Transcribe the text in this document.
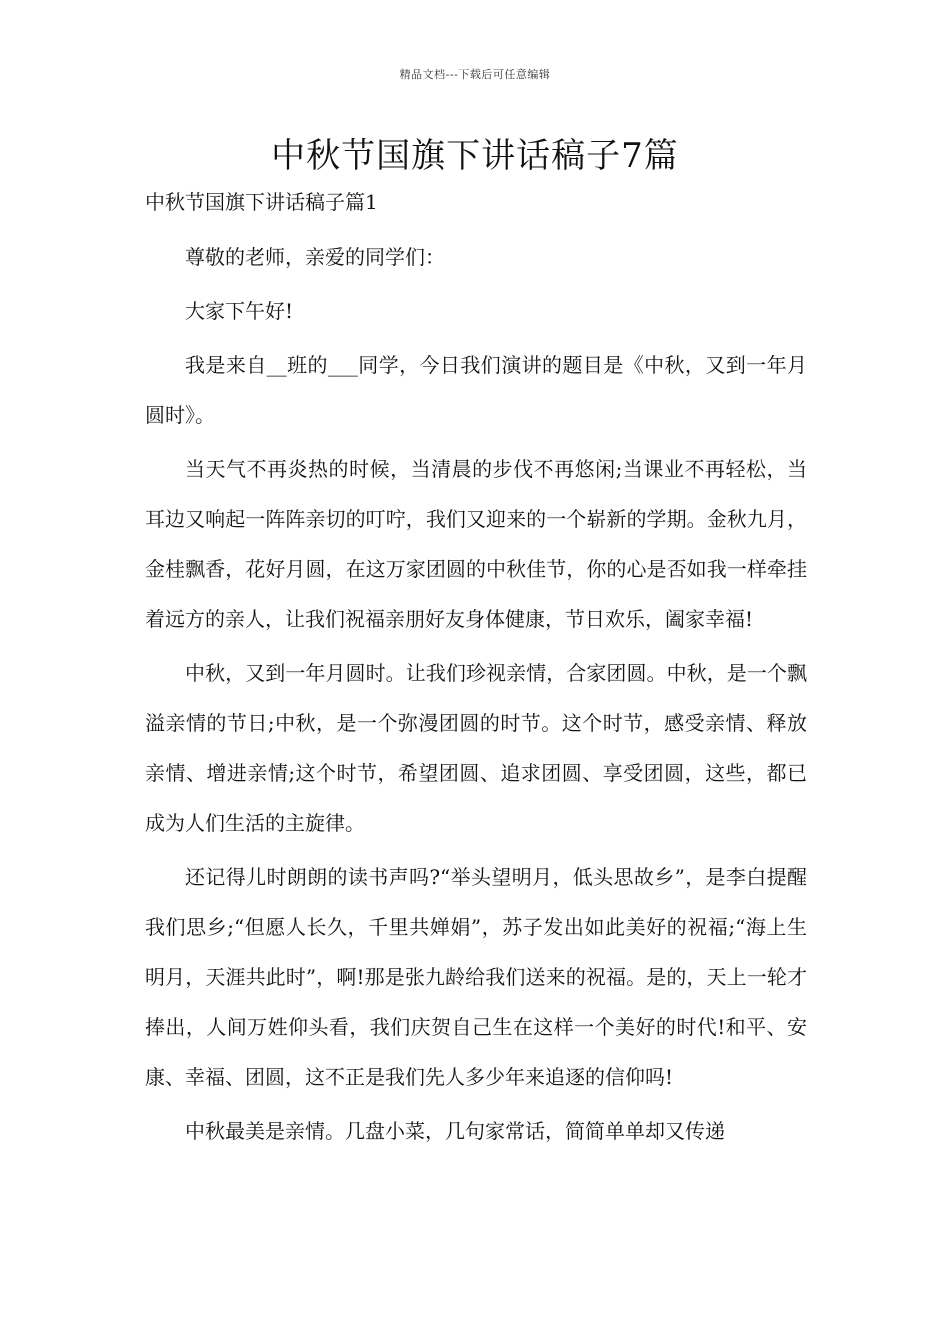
精品文档---下载后可任意编辑
中秋节国旗下讲话稿子7篇
中秋节国旗下讲话稿子篇1

尊敬的老师，亲爱的同学们：

大家下午好!

我是来自__班的___同学，今日我们演讲的题目是《中秋，又到一年月圆时》。

当天气不再炎热的时候，当清晨的步伐不再悠闲;当课业不再轻松，当耳边又响起一阵阵亲切的叮咛，我们又迎来的一个崭新的学期。金秋九月，金桂飘香，花好月圆，在这万家团圆的中秋佳节，你的心是否如我一样牵挂着远方的亲人，让我们祝福亲朋好友身体健康，节日欢乐，阖家幸福!

中秋，又到一年月圆时。让我们珍视亲情，合家团圆。中秋，是一个飘溢亲情的节日;中秋，是一个弥漫团圆的时节。这个时节，感受亲情、释放亲情、增进亲情;这个时节，希望团圆、追求团圆、享受团圆，这些，都已成为人们生活的主旋律。

还记得儿时朗朗的读书声吗?“举头望明月，低头思故乡”，是李白提醒我们思乡;“但愿人长久，千里共婵娟”，苏子发出如此美好的祝福;“海上生明月，天涯共此时”，啊!那是张九龄给我们送来的祝福。是的，天上一轮才捧出，人间万姓仰头看，我们庆贺自己生在这样一个美好的时代!和平、安康、幸福、团圆，这不正是我们先人多少年来追逐的信仰吗!

中秋最美是亲情。几盘小菜，几句家常话，简简单单却又传递
